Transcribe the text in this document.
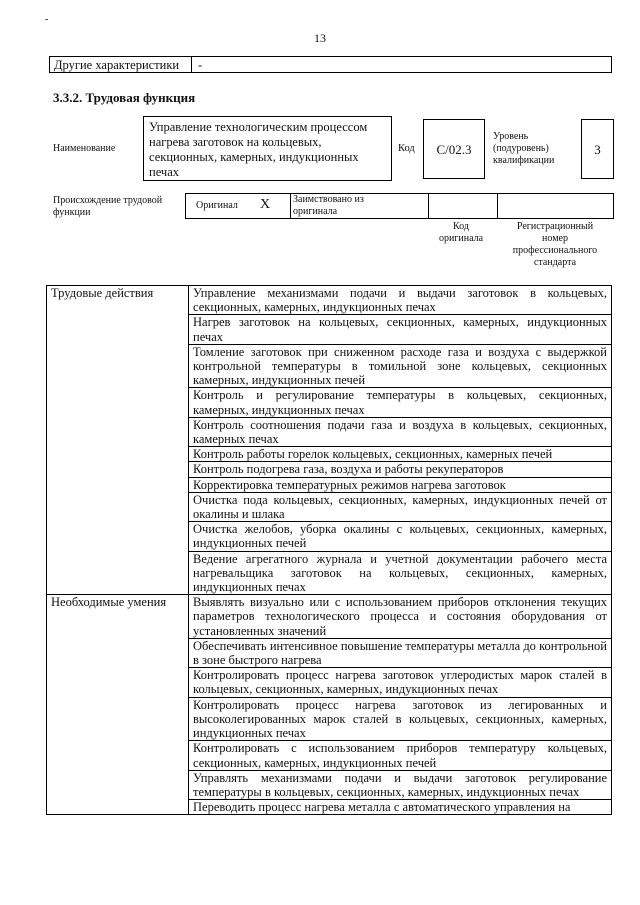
-
13
Другие характеристики -
3.3.2. Трудовая функция
Наименование
Управление технологическим процессом нагрева заготовок на кольцевых, секционных, камерных, индукционных печах
Код	С/02.3
Уровень
(подуровень)
квалификации
3
Происхождение трудовой
функции
Оригинал X Заимствовано из
оригинала
Код
оригинала
Регистрационный
номер
профессионального
стандарта
Трудовые действия	Управление механизмами подачи и выдачи заготовок в кольцевых, секционных, камерных, индукционных печах
	Нагрев заготовок на кольцевых, секционных, камерных, индукционных печах
	Томление заготовок при сниженном расходе газа и воздуха с выдержкой контрольной температуры в томильной зоне кольцевых, секционных камерных, индукционных печей
	Контроль и регулирование температуры в кольцевых, секционных, камерных, индукционных печах
	Контроль соотношения подачи газа и воздуха в кольцевых, секционных, камерных печах
	Контроль работы горелок кольцевых, секционных, камерных печей
	Контроль подогрева газа, воздуха и работы рекуператоров
	Корректировка температурных режимов нагрева заготовок
	Очистка пода кольцевых, секционных, камерных, индукционных печей от окалины и шлака
	Очистка желобов, уборка окалины с кольцевых, секционных, камерных, индукционных печей
	Ведение агрегатного журнала и учетной документации рабочего места нагревальщика заготовок на кольцевых, секционных, камерных, индукционных печах
Необходимые умения	Выявлять визуально или с использованием приборов отклонения текущих параметров технологического процесса и состояния оборудования от установленных значений
	Обеспечивать интенсивное повышение температуры металла до контрольной в зоне быстрого нагрева
	Контролировать процесс нагрева заготовок углеродистых марок сталей в кольцевых, секционных, камерных, индукционных печах
	Контролировать процесс нагрева заготовок из легированных и высоколегированных марок сталей в кольцевых, секционных, камерных, индукционных печах
	Контролировать с использованием приборов температуру кольцевых, секционных, камерных, индукционных печей
	Управлять механизмами подачи и выдачи заготовок регулирование температуры в кольцевых, секционных, камерных, индукционных печах
	Переводить процесс нагрева металла с автоматического управления на
